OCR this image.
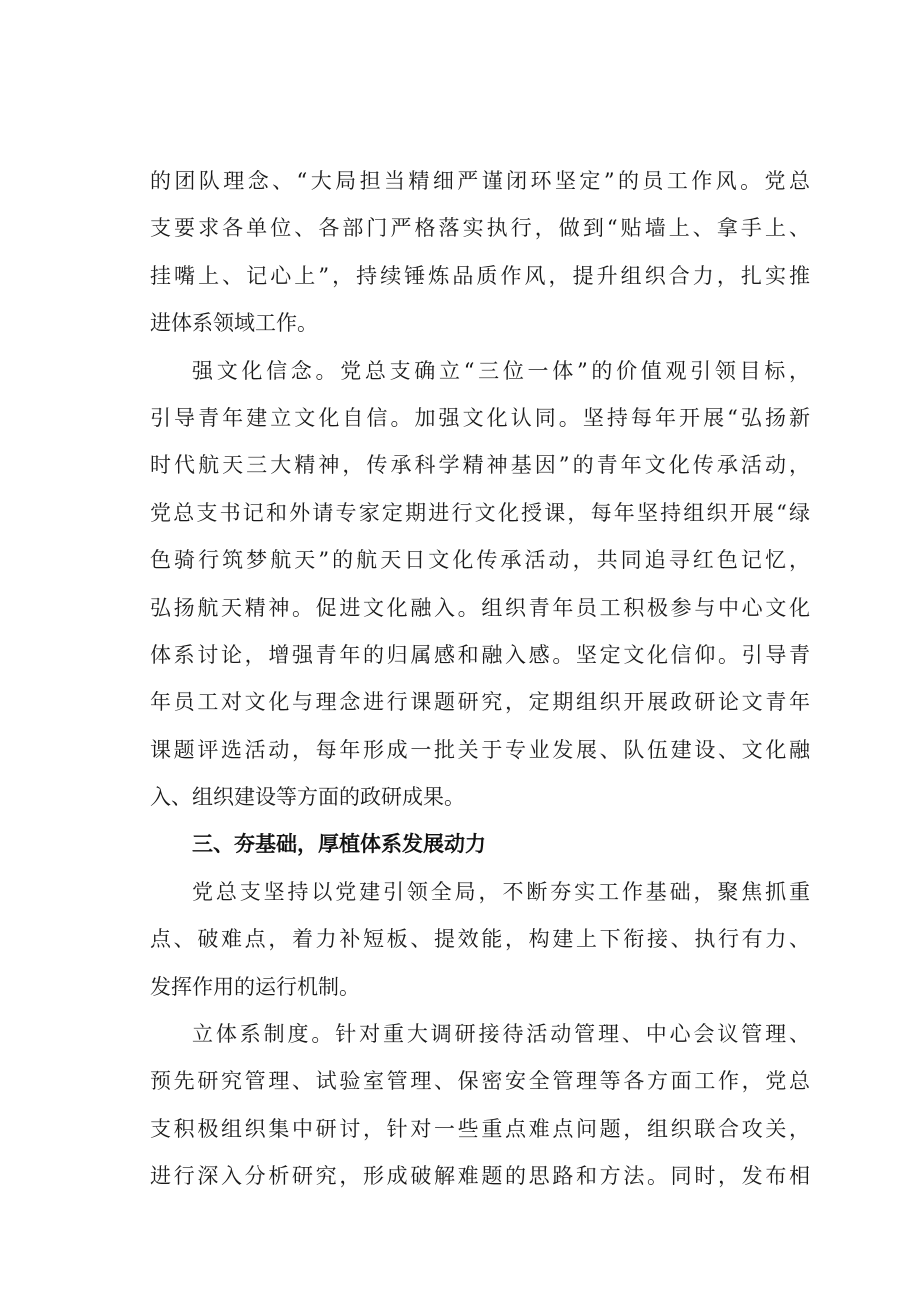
的团队理念、“大局担当精细严谨闭环坚定”的员工作风。党总
支要求各单位、各部门严格落实执行，做到“贴墙上、拿手上、
挂嘴上、记心上”，持续锤炼品质作风，提升组织合力，扎实推
进体系领域工作。
强文化信念。党总支确立“三位一体”的价值观引领目标，
引导青年建立文化自信。加强文化认同。坚持每年开展“弘扬新
时代航天三大精神，传承科学精神基因”的青年文化传承活动，
党总支书记和外请专家定期进行文化授课，每年坚持组织开展“绿
色骑行筑梦航天”的航天日文化传承活动，共同追寻红色记忆，
弘扬航天精神。促进文化融入。组织青年员工积极参与中心文化
体系讨论，增强青年的归属感和融入感。坚定文化信仰。引导青
年员工对文化与理念进行课题研究，定期组织开展政研论文青年
课题评选活动，每年形成一批关于专业发展、队伍建设、文化融
入、组织建设等方面的政研成果。
三、夯基础，厚植体系发展动力
党总支坚持以党建引领全局，不断夯实工作基础，聚焦抓重
点、破难点，着力补短板、提效能，构建上下衔接、执行有力、
发挥作用的运行机制。
立体系制度。针对重大调研接待活动管理、中心会议管理、
预先研究管理、试验室管理、保密安全管理等各方面工作，党总
支积极组织集中研讨，针对一些重点难点问题，组织联合攻关，
进行深入分析研究，形成破解难题的思路和方法。同时，发布相
